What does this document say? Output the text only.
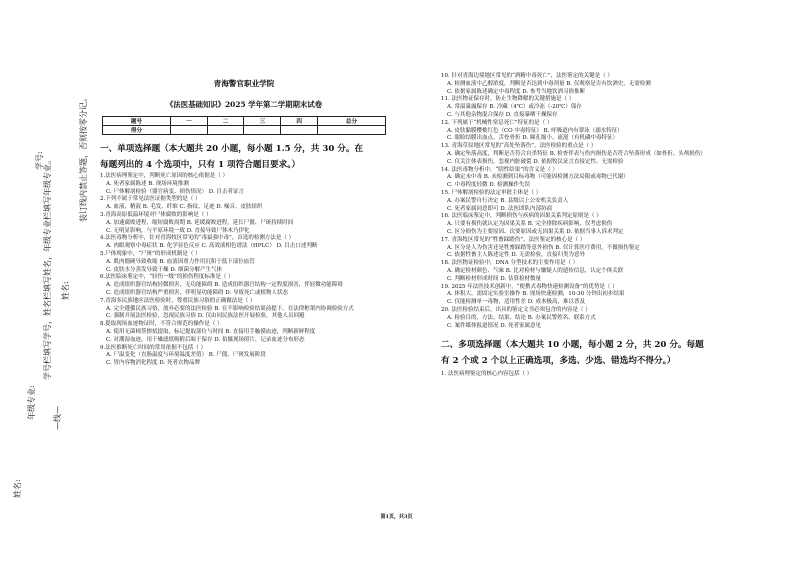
学号:	装订线内禁止答题，否则按零分记。
姓名:
学号栏填写学号，姓名栏填写姓名，年级专业栏填写年级专业。
年级专业: —线—
姓名:
青海警官职业学院
《法医基础知识》2025 学年第二学期期末试卷
题号	一	二	三	四	总分
得分					
一、单项选择题（本大题共 20 小题，每小题 1.5 分，共 30 分。在
每题列出的 4 个选项中，只有 1 项符合题目要求。）
1.法医病理鉴定中，判断死亡原因的核心依据是（ ）
A. 死者家属陈述 B. 现场环境推测
C. 尸体解剖检验（器官病变、损伤情况） D. 目击者证言
2.下列不属于常见法医证据类型的是（ ）
A. 血液、精液 B. 毛发、纤维 C. 指纹、足迹 D. 噪音、皮肤组织
3.青海高原低温环境对尸体腐败的影响是（ ）
A. 加速腐败进程，缩短腐败周期 B. 延缓腐败进程，延长尸僵、尸斑持续时间
C. 无明显影响，与平原环境一致 D. 直接导致尸体木乃伊化
4.法医毒物分析中，针对青海牧区常见的“毒鼠强中毒”，首选的检测方法是（ ）
A. 肉眼观察中毒症状 B. 化学显色反应 C. 高效液相色谱法（HPLC） D. 目击口述判断
5.尸体现象中，“尸斑”的形成机制是（ ）
A. 肌肉僵硬导致收缩 B. 血液因重力作用沉积于低下部位血管
C. 皮肤水分蒸发导致干燥 D. 细菌分解产生气体
6.法医临床鉴定中，“轻伤一级”的损伤程度标准是（ ）
A. 造成组织器官结构轻微损害，无功能障碍 B. 造成组织器官结构一定程度损害，伴轻微功能障碍
C. 造成组织器官结构严重损害，伴明显功能障碍 D. 导致死亡或植物人状态
7.青海多民族地区法医检验时，尊重民族习俗的正确做法是（ ）
A. 完全遵循民族习俗，放弃必要的法医检验 B. 在不影响检验结果前提下，在法律框架内协调检验方式
C. 强制开展法医检验，忽视民族习俗 D. 仅由同民族法医开展检验，其他人员回避
8.提取现场血迹物证时，不符合规范的操作是（ ）
A. 使用无菌棉签擦拭提取，标记提取部位与时间 B. 直接用手触摸血迹，判断新鲜程度
C. 对潮湿血迹，用干燥滤纸吸附后晾干保存 D. 拍摄现场照片，记录血迹分布形态
9.法医推断死亡时间的常用依据不包括（ ）
A. 尸温变化（直肠温度与环境温度差值） B. 尸僵、尸斑发展阶段
C. 胃内容物消化程度 D. 死者衣物品牌
10. 针对青海边境地区常见的“酒精中毒死亡”，法医鉴定的关键是（ ）
A. 检测血液中乙醇浓度，判断是否达到中毒剂量 B. 仅观察是否有饮酒史，无需检测
C. 依据家属陈述确定中毒程度 D. 参考当地饮酒习俗推断
11. 法医物证保存时，防止生物降解的关键措施是（ ）
A. 常温暴露保存 B. 冷藏（4℃）或冷冻（-20℃）保存
C. 与其他杂物混合保存 D. 直接暴晒干燥保存
12. 下列属于“机械性窒息死亡”特征的是（ ）
A. 皮肤黏膜樱桃红色（CO 中毒特征） B. 呼吸道内有蕈泳（溺水特征）
C. 眼睑结膜出血点、舌骨骨折 D. 瞳孔缩小、流涎（有机磷中毒特征）
13. 青海草原地区常见的“高处坠落伤”，法医检验的重点是（ ）
A. 确定坠落高度，判断是否符合自杀特征 B. 检查伴表与伤内损伤是否符合坠落形成（如骨折、头颅损伤）
C. 仅关注体表损伤，忽视内脏破裂 D. 依据牧民证言直接定性，无需检验
14. 法医毒物分析中，“阴性结果”的含义是（ ）
A. 确定未中毒 B. 未检测到目标毒物（可能因检测方法局限或毒物已代谢）
C. 中毒程度轻微 D. 检测操作失误
15. 尸体解剖检验的法定审批主体是（ ）
A. 办案民警自行决定 B. 县级以上公安机关负责人
C. 死者家属同意即可 D. 法医团队内部协商
16. 法医临床鉴定中，判断损伤与疾病的因果关系判定原则是（ ）
A. 只要有损伤就认定为因果关系 B. 完全排除疾病影响，仅考虑损伤
C. 区分损伤为主要原因、次要原因或无因果关系 D. 依据当事人诉求判定
17. 青海牧区常见的“牲畜踩踏伤”，法医鉴定的核心是（ ）
A. 区分是人为伤害还是牲畜踩踏等意外损伤 B. 仅计算医疗费用，不做损伤鉴定
C. 依据牲畜主人陈述定性 D. 无需检验，直接归类为意外
18. 法医物证检验中，DNA 分型技术的主要作用是（ ）
A. 确定检材颜色、气味 B. 比对检材与嫌疑人的遗传信息，认定个体关联
C. 判断检材形成时间 D. 估算检材数量
19. 2025 年法医技术创新中，“便携式毒物快速检测设备”的优势是（ ）
A. 体积大、需固定实验室操作 B. 现场快速检测，10-30 分钟出初步结果
C. 仅能检测单一毒物，适用性差 D. 成本极高，难以普及
20. 法医检验结束后，出具的鉴定文书必须包含的内容是（ ）
A. 检验目的、方法、结果、结论 B. 办案民警姓名、联系方式
C. 案件媒体报道情况 D. 死者家属意见
二、多项选择题（本大题共 10 小题，每小题 2 分，共 20 分。每题
有 2 个或 2 个以上正确选项，多选、少选、错选均不得分。）
1. 法医病理鉴定的核心内容包括（ ）
第1页，共3页
